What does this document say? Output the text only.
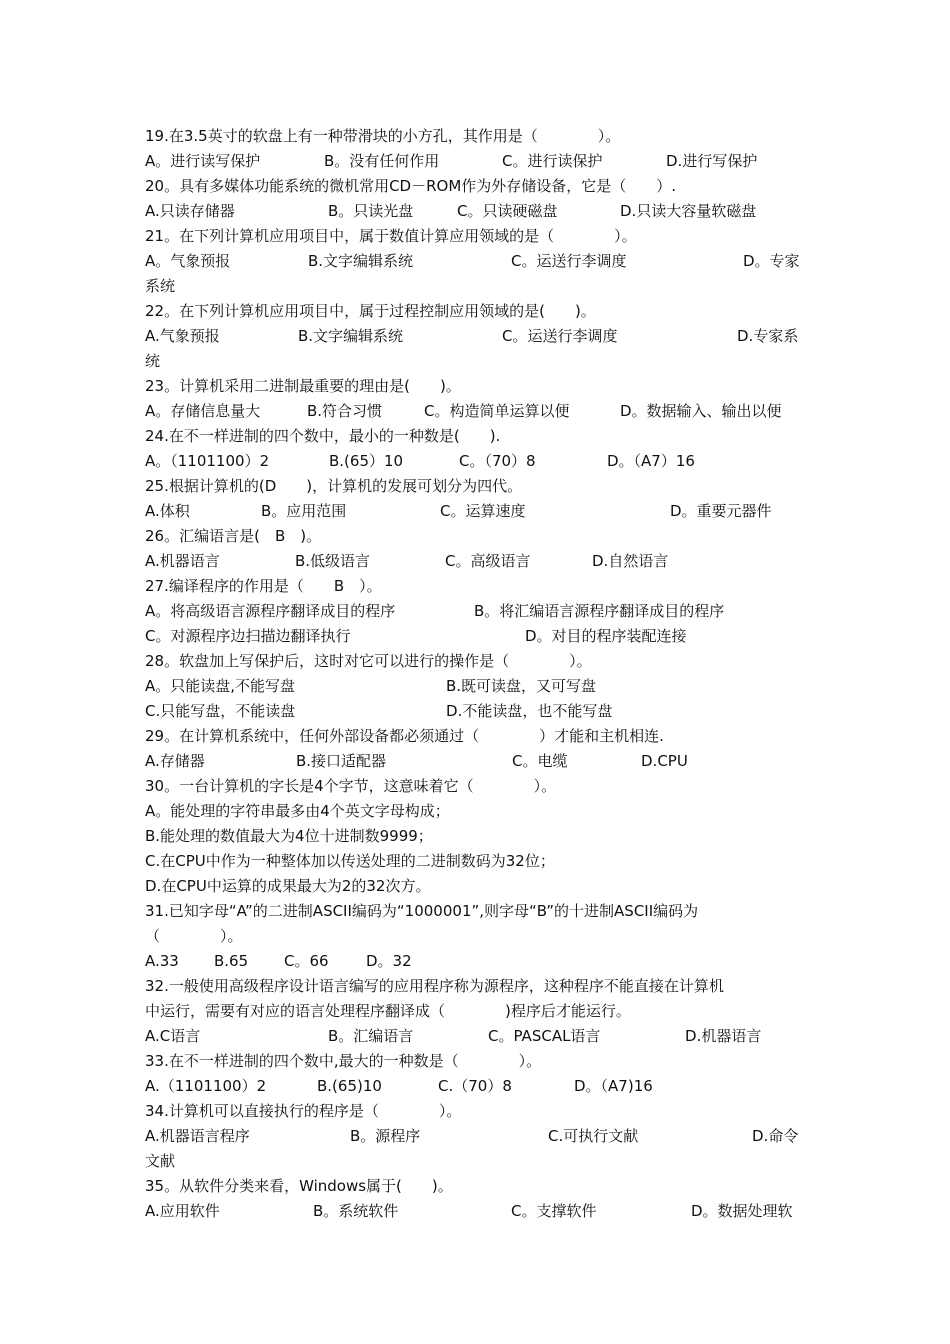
19.在3.5英寸的软盘上有一种带滑块的小方孔，其作用是（　　　　）。
A。进行读写保护	B。没有任何作用	C。进行读保护	D.进行写保护
20。具有多媒体功能系统的微机常用CD－ROM作为外存储设备，它是（　　）.
A.只读存储器	B。只读光盘	C。只读硬磁盘	D.只读大容量软磁盘
21。在下列计算机应用项目中，属于数值计算应用领域的是（　　　　）。
A。气象预报	B.文字编辑系统	C。运送行李调度	D。专家
系统
22。在下列计算机应用项目中，属于过程控制应用领域的是(　　)。
A.气象预报	B.文字编辑系统	C。运送行李调度	D.专家系
统
23。计算机采用二进制最重要的理由是(　　)。
A。存储信息量大	B.符合习惯	C。构造简单运算以便	D。数据输入、输出以便
24.在不一样进制的四个数中，最小的一种数是(　　).
A。（1101100）2	B.(65）10	C。（70）8	D。（A7）16
25.根据计算机的(D　　)，计算机的发展可划分为四代。
A.体积	B。应用范围	C。运算速度	D。重要元器件
26。汇编语言是(　B　)。
A.机器语言	B.低级语言	C。高级语言	D.自然语言
27.编译程序的作用是（　　B　）。
A。将高级语言源程序翻译成目的程序	B。将汇编语言源程序翻译成目的程序
C。对源程序边扫描边翻译执行	D。对目的程序装配连接
28。软盘加上写保护后，这时对它可以进行的操作是（　　　　）。
A。只能读盘,不能写盘	B.既可读盘，又可写盘
C.只能写盘，不能读盘	D.不能读盘，也不能写盘
29。在计算机系统中，任何外部设备都必须通过（　　　　）才能和主机相连.
A.存储器	B.接口适配器	C。电缆	D.CPU
30。一台计算机的字长是4个字节，这意味着它（　　　　）。
A。能处理的字符串最多由4个英文字母构成；
B.能处理的数值最大为4位十进制数9999；
C.在CPU中作为一种整体加以传送处理的二进制数码为32位；
D.在CPU中运算的成果最大为2的32次方。
31.已知字母“A”的二进制ASCII编码为“1000001”,则字母“B”的十进制ASCII编码为
（　　　　）。
A.33 B.65 C。66 D。32
32.一般使用高级程序设计语言编写的应用程序称为源程序，这种程序不能直接在计算机
中运行，需要有对应的语言处理程序翻译成（　　　　)程序后才能运行。
A.C语言	B。汇编语言	C。PASCAL语言	D.机器语言
33.在不一样进制的四个数中,最大的一种数是（　　　　）。
A.（1101100）2	B.(65)10	C.（70）8	D。（A7)16
34.计算机可以直接执行的程序是（　　　　）。
A.机器语言程序	B。源程序	C.可执行文献	D.命令
文献
35。从软件分类来看，Windows属于(　　)。
A.应用软件	B。系统软件	C。支撑软件	D。数据处理软
